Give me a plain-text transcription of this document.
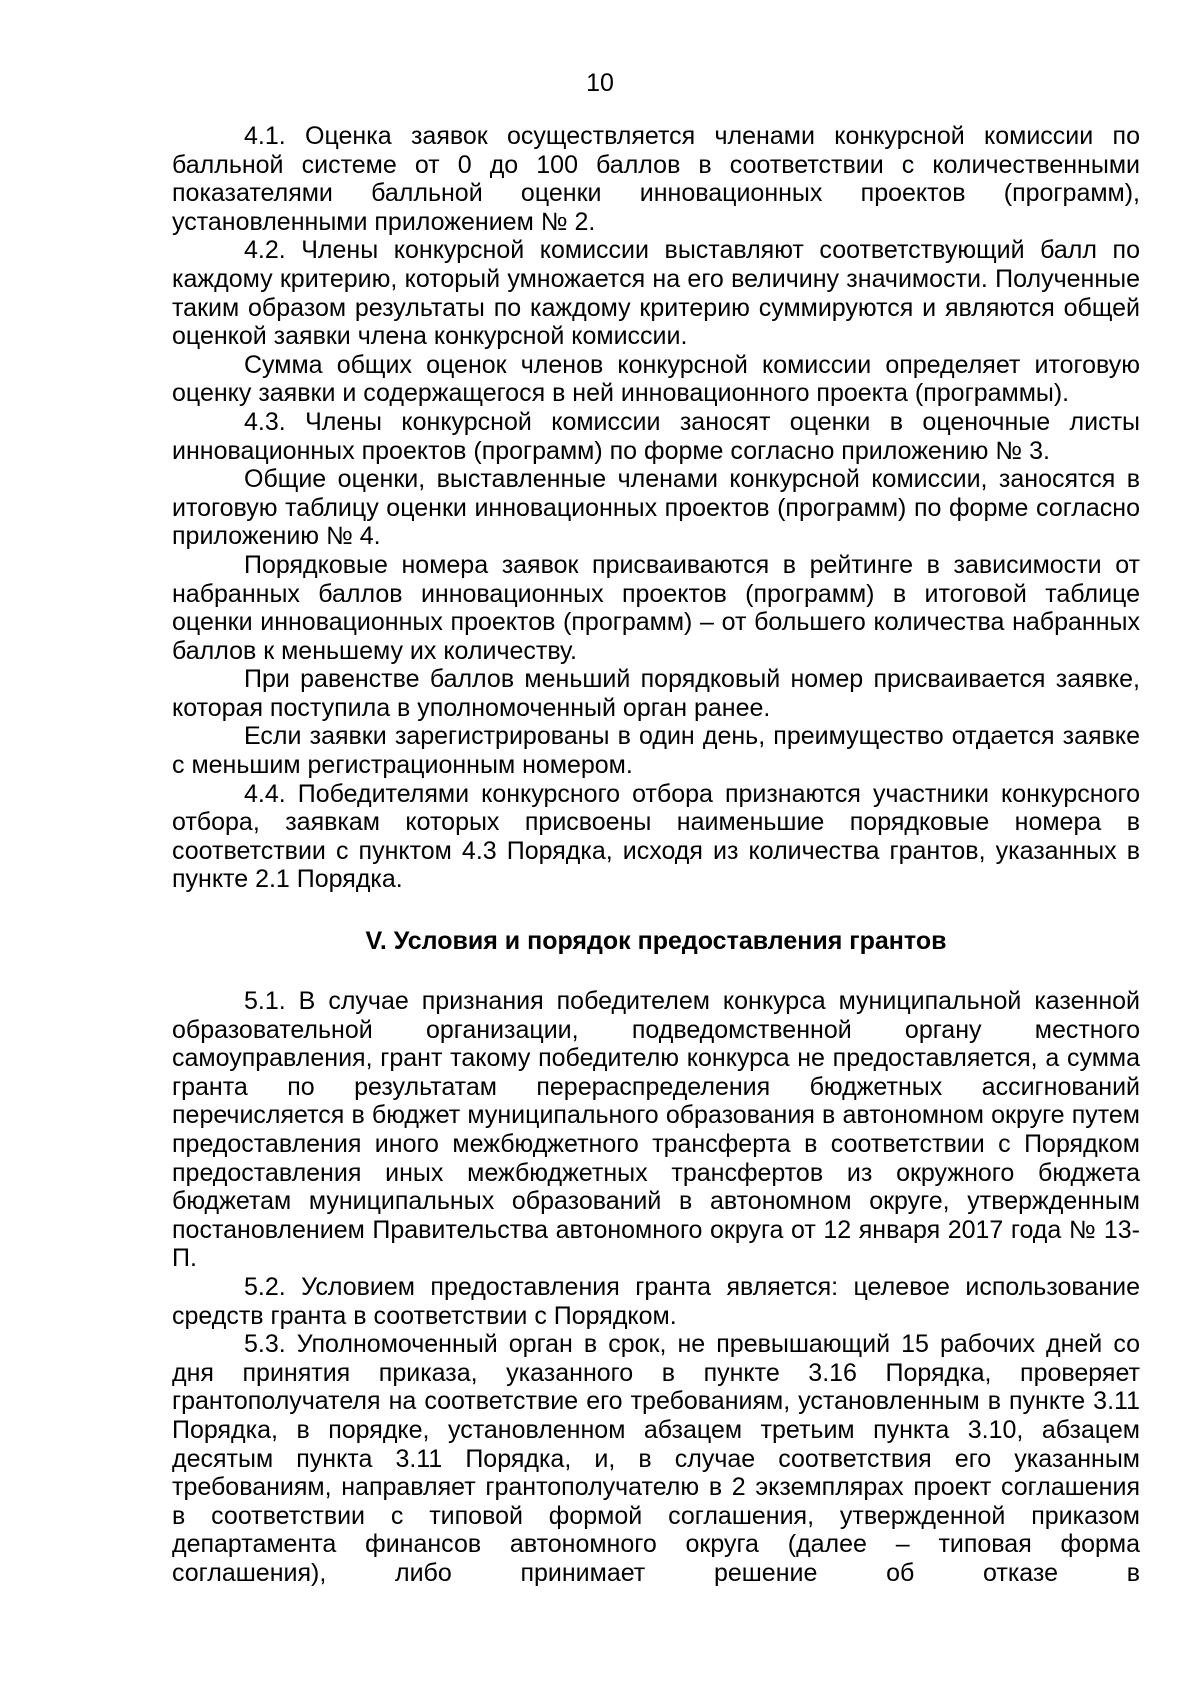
10

4.1. Оценка заявок осуществляется членами конкурсной комиссии по балльной системе от 0 до 100 баллов в соответствии с количественными показателями балльной оценки инновационных проектов (программ), установленными приложением № 2.

4.2. Члены конкурсной комиссии выставляют соответствующий балл по каждому критерию, который умножается на его величину значимости. Полученные таким образом результаты по каждому критерию суммируются и являются общей оценкой заявки члена конкурсной комиссии.

Сумма общих оценок членов конкурсной комиссии определяет итоговую оценку заявки и содержащегося в ней инновационного проекта (программы).

4.3. Члены конкурсной комиссии заносят оценки в оценочные листы инновационных проектов (программ) по форме согласно приложению № 3.

Общие оценки, выставленные членами конкурсной комиссии, заносятся в итоговую таблицу оценки инновационных проектов (программ) по форме согласно приложению № 4.

Порядковые номера заявок присваиваются в рейтинге в зависимости от набранных баллов инновационных проектов (программ) в итоговой таблице оценки инновационных проектов (программ) – от большего количества набранных баллов к меньшему их количеству.

При равенстве баллов меньший порядковый номер присваивается заявке, которая поступила в уполномоченный орган ранее.

Если заявки зарегистрированы в один день, преимущество отдается заявке с меньшим регистрационным номером.

4.4. Победителями конкурсного отбора признаются участники конкурсного отбора, заявкам которых присвоены наименьшие порядковые номера в соответствии с пунктом 4.3 Порядка, исходя из количества грантов, указанных в пункте 2.1 Порядка.

V. Условия и порядок предоставления грантов

5.1. В случае признания победителем конкурса муниципальной казенной образовательной организации, подведомственной органу местного самоуправления, грант такому победителю конкурса не предоставляется, а сумма гранта по результатам перераспределения бюджетных ассигнований перечисляется в бюджет муниципального образования в автономном округе путем предоставления иного межбюджетного трансферта в соответствии с Порядком предоставления иных межбюджетных трансфертов из окружного бюджета бюджетам муниципальных образований в автономном округе, утвержденным постановлением Правительства автономного округа от 12 января 2017 года № 13-П.

5.2. Условием предоставления гранта является: целевое использование средств гранта в соответствии с Порядком.

5.3. Уполномоченный орган в срок, не превышающий 15 рабочих дней со дня принятия приказа, указанного в пункте 3.16 Порядка, проверяет грантополучателя на соответствие его требованиям, установленным в пункте 3.11 Порядка, в порядке, установленном абзацем третьим пункта 3.10, абзацем десятым пункта 3.11 Порядка, и, в случае соответствия его указанным требованиям, направляет грантополучателю в 2 экземплярах проект соглашения в соответствии с типовой формой соглашения, утвержденной приказом департамента финансов автономного округа (далее – типовая форма соглашения), либо принимает решение об отказе в
